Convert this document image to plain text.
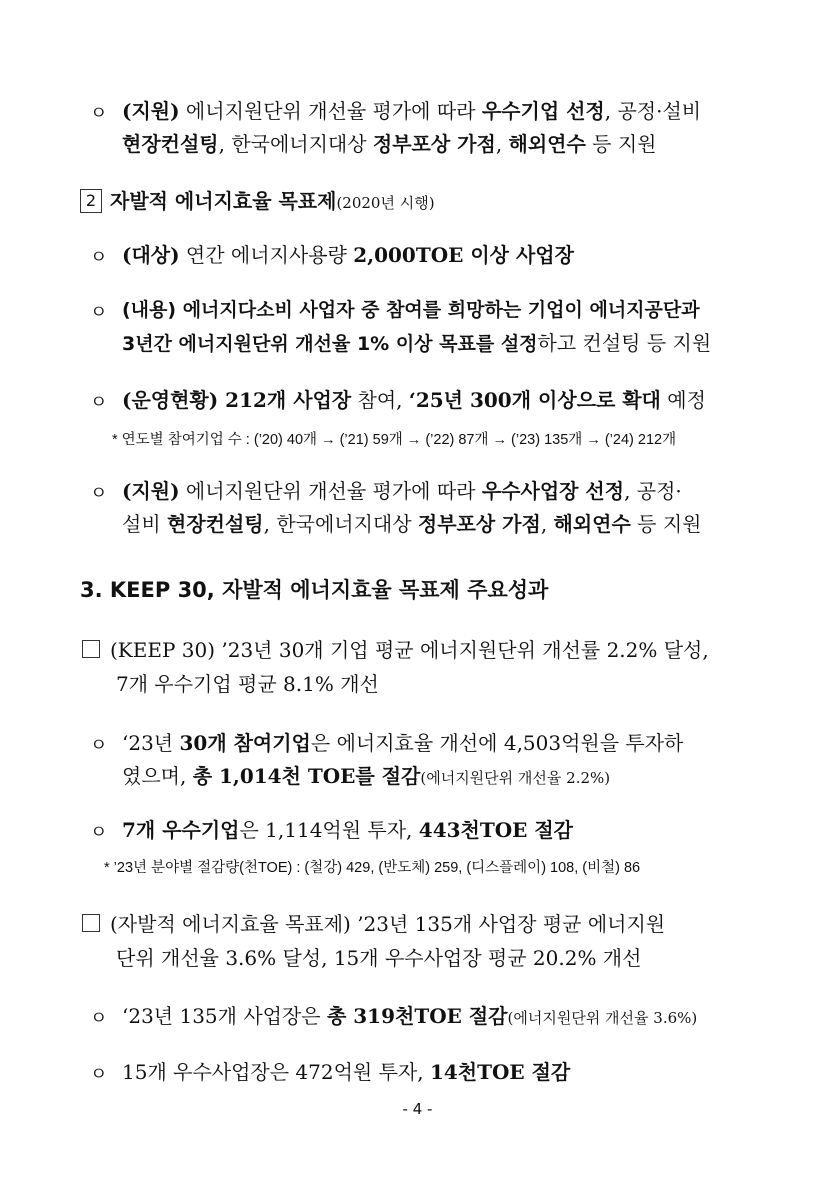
ㅇ (지원) 에너지원단위 개선율 평가에 따라 우수기업 선정, 공정·설비
현장컨설팅, 한국에너지대상 정부포상 가점, 해외연수 등 지원
2 자발적 에너지효율 목표제(2020년 시행)
ㅇ (대상) 연간 에너지사용량 2,000TOE 이상 사업장
ㅇ (내용) 에너지다소비 사업자 중 참여를 희망하는 기업이 에너지공단과
3년간 에너지원단위 개선율 1% 이상 목표를 설정하고 컨설팅 등 지원
ㅇ (운영현황) 212개 사업장 참여, ‘25년 300개 이상으로 확대 예정
* 연도별 참여기업 수 : (’20) 40개 → (’21) 59개 → (’22) 87개 → (’23) 135개 → (’24) 212개
ㅇ (지원) 에너지원단위 개선율 평가에 따라 우수사업장 선정, 공정·
설비 현장컨설팅, 한국에너지대상 정부포상 가점, 해외연수 등 지원
3. KEEP 30, 자발적 에너지효율 목표제 주요성과
(KEEP 30) ’23년 30개 기업 평균 에너지원단위 개선률 2.2% 달성,
7개 우수기업 평균 8.1% 개선
ㅇ ‘23년 30개 참여기업은 에너지효율 개선에 4,503억원을 투자하
였으며, 총 1,014천 TOE를 절감(에너지원단위 개선율 2.2%)
ㅇ 7개 우수기업은 1,114억원 투자, 443천TOE 절감
* ’23년 분야별 절감량(천TOE) : (철강) 429, (반도체) 259, (디스플레이) 108, (비철) 86
(자발적 에너지효율 목표제) ’23년 135개 사업장 평균 에너지원
단위 개선율 3.6% 달성, 15개 우수사업장 평균 20.2% 개선
ㅇ ‘23년 135개 사업장은 총 319천TOE 절감(에너지원단위 개선율 3.6%)
ㅇ 15개 우수사업장은 472억원 투자, 14천TOE 절감
- 4 -
